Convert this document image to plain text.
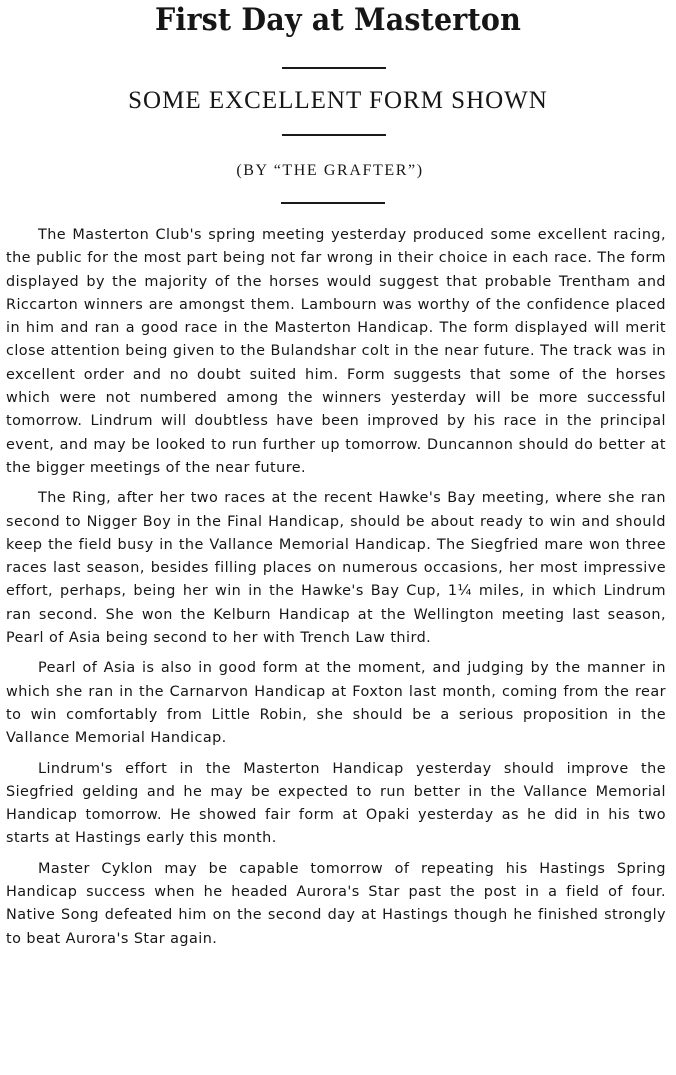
First Day at Masterton
SOME EXCELLENT FORM SHOWN
(BY “THE GRAFTER”)

The Masterton Club's spring meeting yesterday produced some excellent racing, the public for the most part being not far wrong in their choice in each race. The form displayed by the majority of the horses would suggest that probable Trentham and Riccarton winners are amongst them. Lambourn was worthy of the confidence placed in him and ran a good race in the Masterton Handicap. The form displayed will merit close attention being given to the Bulandshar colt in the near future. The track was in excellent order and no doubt suited him. Form suggests that some of the horses which were not numbered among the winners yesterday will be more successful tomorrow. Lindrum will doubtless have been improved by his race in the principal event, and may be looked to run further up tomorrow. Duncannon should do better at the bigger meetings of the near future.

The Ring, after her two races at the recent Hawke's Bay meeting, where she ran second to Nigger Boy in the Final Handicap, should be about ready to win and should keep the field busy in the Vallance Memorial Handicap. The Siegfried mare won three races last season, besides filling places on numerous occasions, her most impressive effort, perhaps, being her win in the Hawke's Bay Cup, 1¼ miles, in which Lindrum ran second. She won the Kelburn Handicap at the Wellington meeting last season, Pearl of Asia being second to her with Trench Law third.

Pearl of Asia is also in good form at the moment, and judging by the manner in which she ran in the Carnarvon Handicap at Foxton last month, coming from the rear to win comfortably from Little Robin, she should be a serious proposition in the Vallance Memorial Handicap.

Lindrum's effort in the Masterton Handicap yesterday should improve the Siegfried gelding and he may be expected to run better in the Vallance Memorial Handicap tomorrow. He showed fair form at Opaki yesterday as he did in his two starts at Hastings early this month.

Master Cyklon may be capable tomorrow of repeating his Hastings Spring Handicap success when he headed Aurora's Star past the post in a field of four. Native Song defeated him on the second day at Hastings though he finished strongly to beat Aurora's Star again.
